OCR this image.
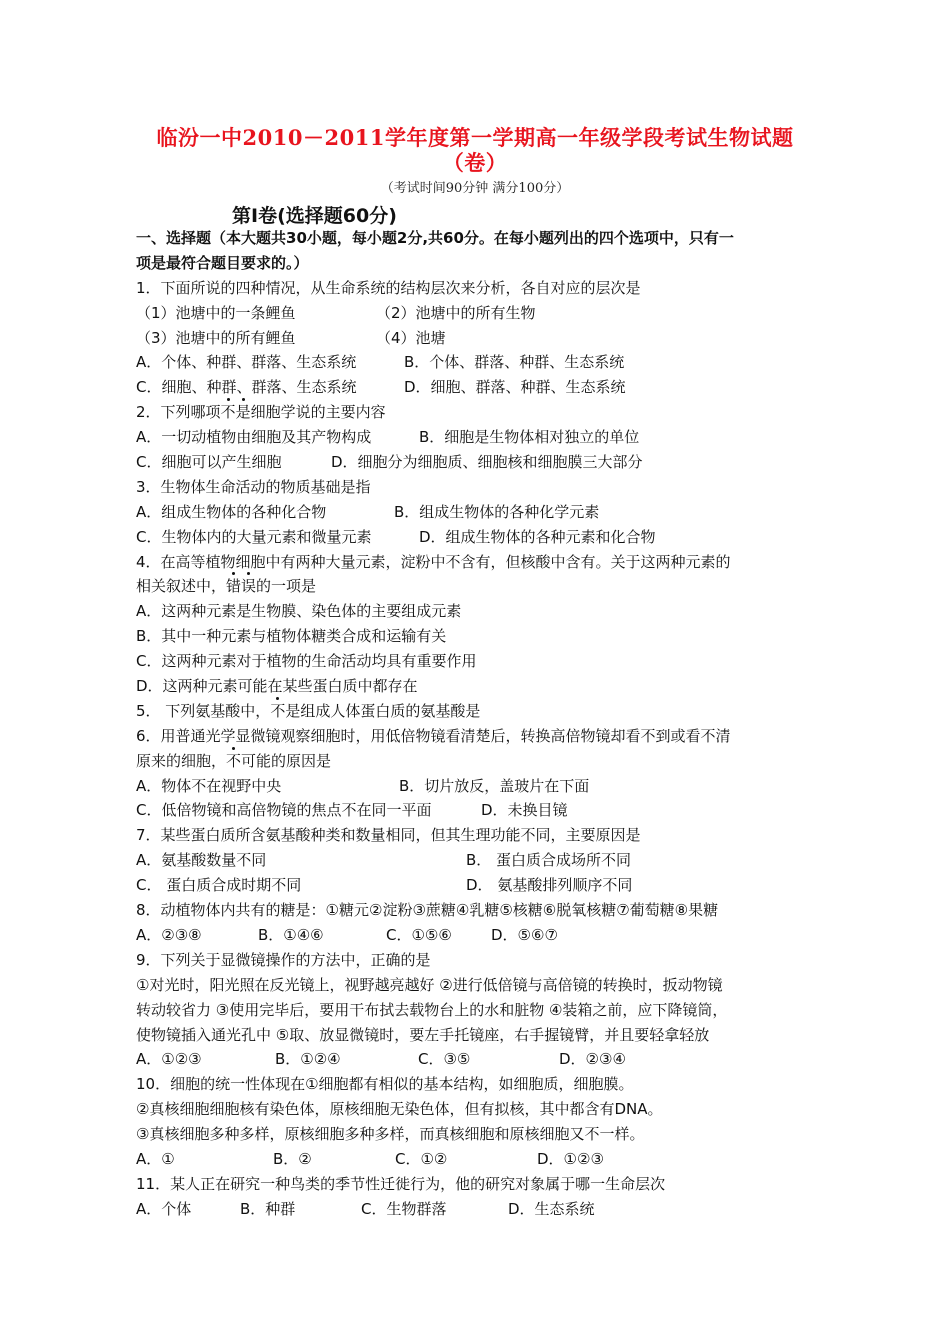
临汾一中2010－2011学年度第一学期高一年级学段考试生物试题
（卷）
（考试时间90分钟 满分100分）
第Ⅰ卷(选择题60分)
一、选择题（本大题共30小题，每小题2分,共60分。在每小题列出的四个选项中，只有一
项是最符合题目要求的。）
1．下面所说的四种情况，从生命系统的结构层次来分析，各自对应的层次是
（1）池塘中的一条鲤鱼	（2）池塘中的所有生物
（3）池塘中的所有鲤鱼	（4）池塘
A．个体、种群、群落、生态系统	B．个体、群落、种群、生态系统
C．细胞、种群、群落、生态系统	D．细胞、群落、种群、生态系统
2．下列哪项不是细胞学说的主要内容
A．一切动植物由细胞及其产物构成	B．细胞是生物体相对独立的单位
C．细胞可以产生细胞	D．细胞分为细胞质、细胞核和细胞膜三大部分
3．生物体生命活动的物质基础是指
A．组成生物体的各种化合物	B．组成生物体的各种化学元素
C．生物体内的大量元素和微量元素	D．组成生物体的各种元素和化合物
4．在高等植物细胞中有两种大量元素，淀粉中不含有，但核酸中含有。关于这两种元素的
相关叙述中，错误的一项是
A．这两种元素是生物膜、染色体的主要组成元素
B．其中一种元素与植物体糖类合成和运输有关
C．这两种元素对于植物的生命活动均具有重要作用
D．这两种元素可能在某些蛋白质中都存在
5． 下列氨基酸中，不是组成人体蛋白质的氨基酸是
6．用普通光学显微镜观察细胞时，用低倍物镜看清楚后，转换高倍物镜却看不到或看不清
原来的细胞，不可能的原因是
A．物体不在视野中央	B．切片放反，盖玻片在下面
C．低倍物镜和高倍物镜的焦点不在同一平面	D．未换目镜
7．某些蛋白质所含氨基酸种类和数量相同，但其生理功能不同，主要原因是
A．氨基酸数量不同	B． 蛋白质合成场所不同
C． 蛋白质合成时期不同	D． 氨基酸排列顺序不同
8．动植物体内共有的糖是：①糖元②淀粉③蔗糖④乳糖⑤核糖⑥脱氧核糖⑦葡萄糖⑧果糖
A．②③⑧	B．①④⑥	C．①⑤⑥	D．⑤⑥⑦
9．下列关于显微镜操作的方法中，正确的是
①对光时，阳光照在反光镜上，视野越亮越好 ②进行低倍镜与高倍镜的转换时，扳动物镜
转动较省力 ③使用完毕后，要用干布拭去载物台上的水和脏物 ④装箱之前，应下降镜筒，
使物镜插入通光孔中 ⑤取、放显微镜时，要左手托镜座，右手握镜臂，并且要轻拿轻放
A．①②③	B．①②④	C．③⑤	D．②③④
10．细胞的统一性体现在①细胞都有相似的基本结构，如细胞质，细胞膜。
②真核细胞细胞核有染色体，原核细胞无染色体，但有拟核，其中都含有DNA。
③真核细胞多种多样，原核细胞多种多样，而真核细胞和原核细胞又不一样。
A．①	B．②	C．①②	D．①②③
11．某人正在研究一种鸟类的季节性迁徙行为，他的研究对象属于哪一生命层次
A．个体	B．种群	C．生物群落	D．生态系统
